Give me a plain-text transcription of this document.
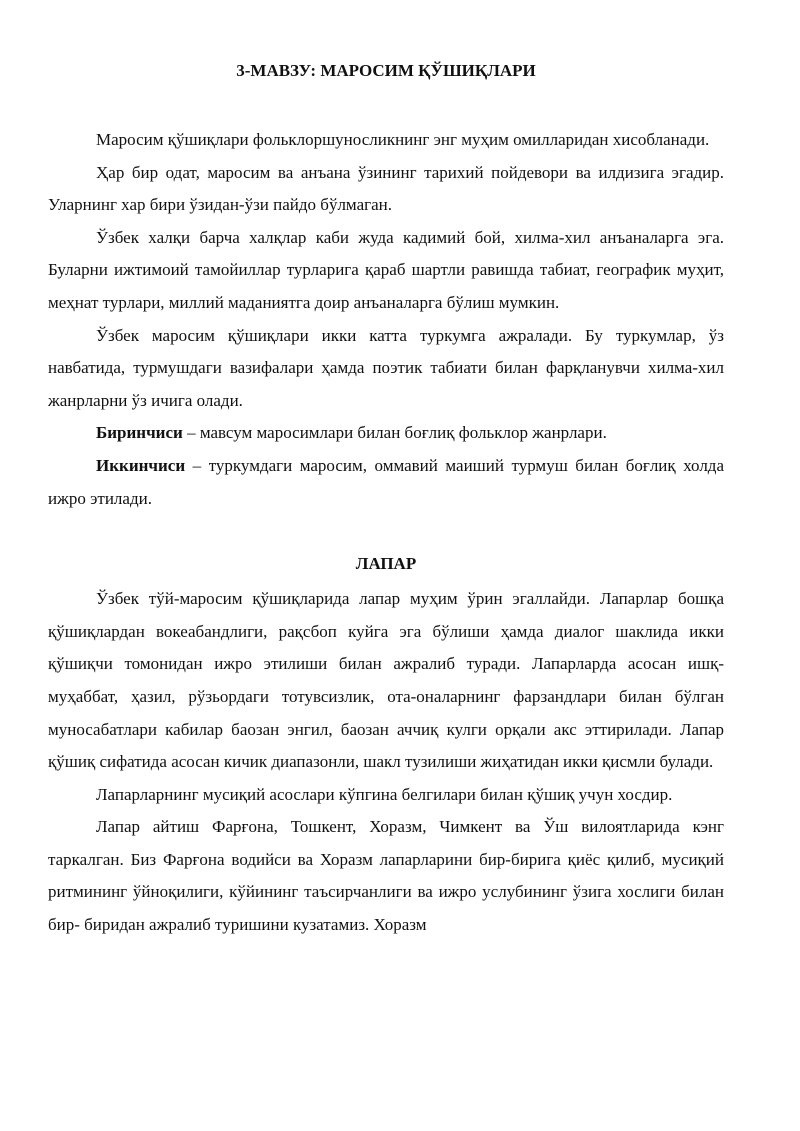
3-МАВЗУ: МАРОСИМ ҚЎШИҚЛАРИ

Маросим қўшиқлари фольклоршуносликнинг энг муҳим омилларидан хисобланади.

Ҳар бир одат, маросим ва анъана ўзининг тарихий пойдевори ва илдизига эгадир. Уларнинг хар бири ўзидан-ўзи пайдо бўлмаган.

Ўзбек халқи барча халқлар каби жуда кадимий бой, хилма-хил анъаналарга эга. Буларни ижтимоий тамойиллар турларига қараб шартли равишда табиат, географик муҳит, меҳнат турлари, миллий маданиятга доир анъаналарга бўлиш мумкин.

Ўзбек маросим қўшиқлари икки катта туркумга ажралади. Бу туркумлар, ўз навбатида, турмушдаги вазифалари ҳамда поэтик табиати билан фарқланувчи хилма-хил жанрларни ўз ичига олади.

Биринчиси – мавсум маросимлари билан боғлиқ фольклор жанрлари.

Иккинчиси – туркумдаги маросим, оммавий маиший турмуш билан боғлиқ холда ижро этилади.

ЛАПАР

Ўзбек тўй-маросим қўшиқларида лапар муҳим ўрин эгаллайди. Лапарлар бошқа қўшиқлардан вокеабандлиги, рақсбоп куйга эга бўлиши ҳамда диалог шаклида икки қўшиқчи томонидан ижро этилиши билан ажралиб туради. Лапарларда асосан ишқ-муҳаббат, ҳазил, рўзьордаги тотувсизлик, ота-оналарнинг фарзандлари билан бўлган муносабатлари кабилар баозан энгил, баозан аччиқ кулги орқали акс эттирилади. Лапар қўшиқ сифатида асосан кичик диапазонли, шакл тузилиши жиҳатидан икки қисмли булади.

Лапарларнинг мусиқий асослари кўпгина белгилари билан қўшиқ учун хосдир.

Лапар айтиш Фарғона, Тошкент, Хоразм, Чимкент ва Ўш вилоятларида кэнг таркалган. Биз Фарғона водийси ва Хоразм лапарларини бир-бирига қиёс қилиб, мусиқий ритмининг ўйноқилиги, кўйининг таъсирчанлиги ва ижро услубининг ўзига хослиги билан бир- биридан ажралиб туришини кузатамиз. Хоразм
